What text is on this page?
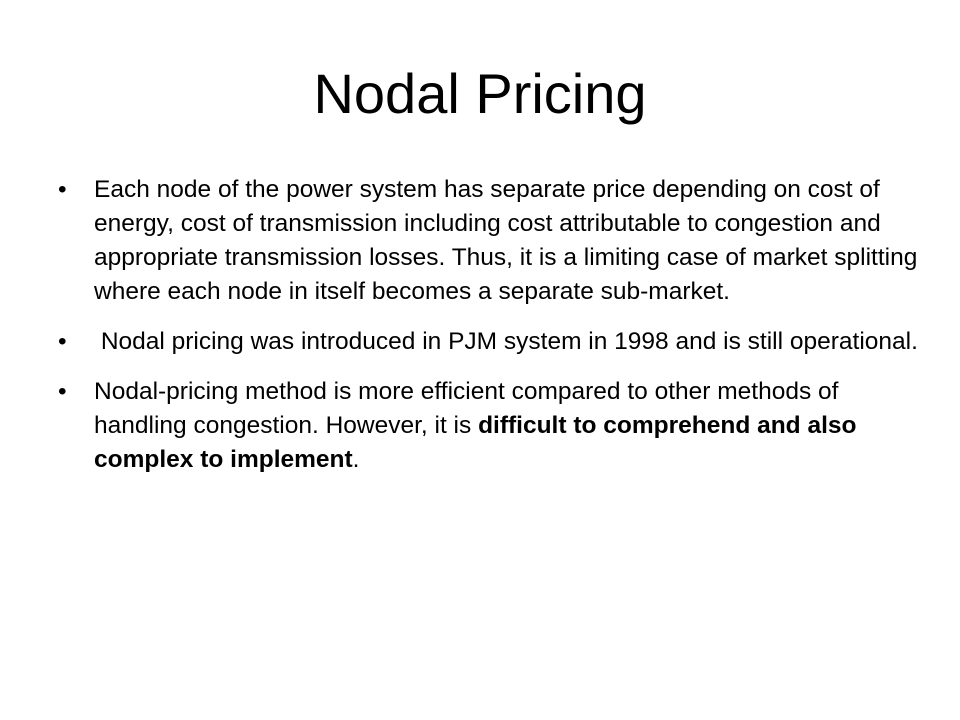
Nodal Pricing
• Each node of the power system has separate price depending on cost of energy, cost of transmission including cost attributable to congestion and appropriate transmission losses. Thus, it is a limiting case of market splitting where each node in itself becomes a separate sub-market.
• Nodal pricing was introduced in PJM system in 1998 and is still operational.
• Nodal-pricing method is more efficient compared to other methods of handling congestion. However, it is difficult to comprehend and also complex to implement.
